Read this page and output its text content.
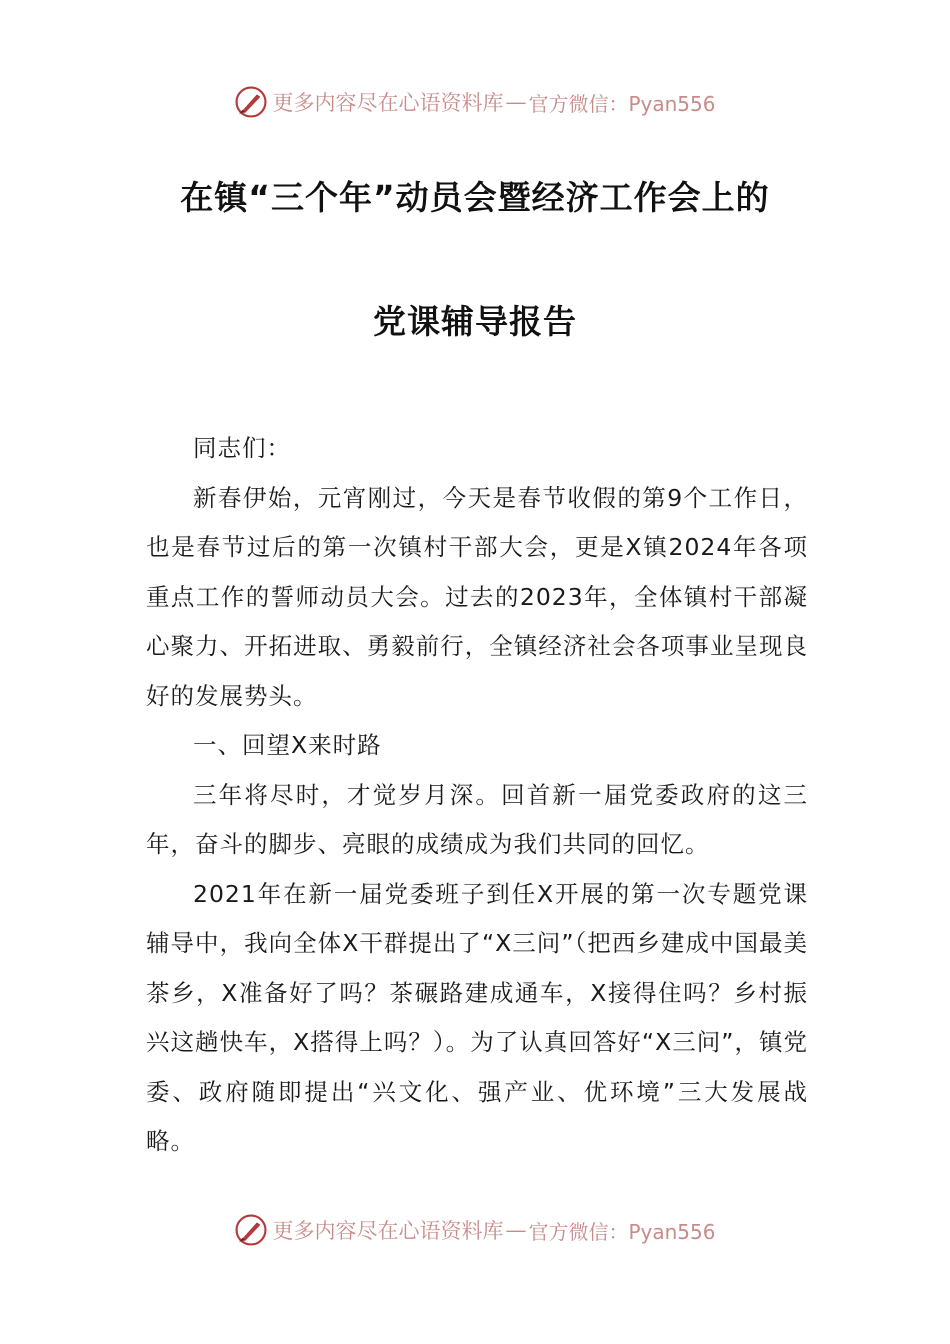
更多内容尽在心语资料库 — 官方微信：Pyan556
在镇“三个年”动员会暨经济工作会上的
党课辅导报告

同志们：

新春伊始，元宵刚过，今天是春节收假的第9个工作日，也是春节过后的第一次镇村干部大会，更是X镇2024年各项重点工作的誓师动员大会。过去的2023年，全体镇村干部凝心聚力、开拓进取、勇毅前行，全镇经济社会各项事业呈现良好的发展势头。

一、回望X来时路

三年将尽时，才觉岁月深。回首新一届党委政府的这三年，奋斗的脚步、亮眼的成绩成为我们共同的回忆。

2021年在新一届党委班子到任X开展的第一次专题党课辅导中，我向全体X干群提出了“X三问”（把西乡建成中国最美茶乡，X准备好了吗？茶碾路建成通车，X接得住吗？乡村振兴这趟快车，X搭得上吗？）。为了认真回答好“X三问”，镇党委、政府随即提出“兴文化、强产业、优环境”三大发展战略。

更多内容尽在心语资料库 — 官方微信：Pyan556
